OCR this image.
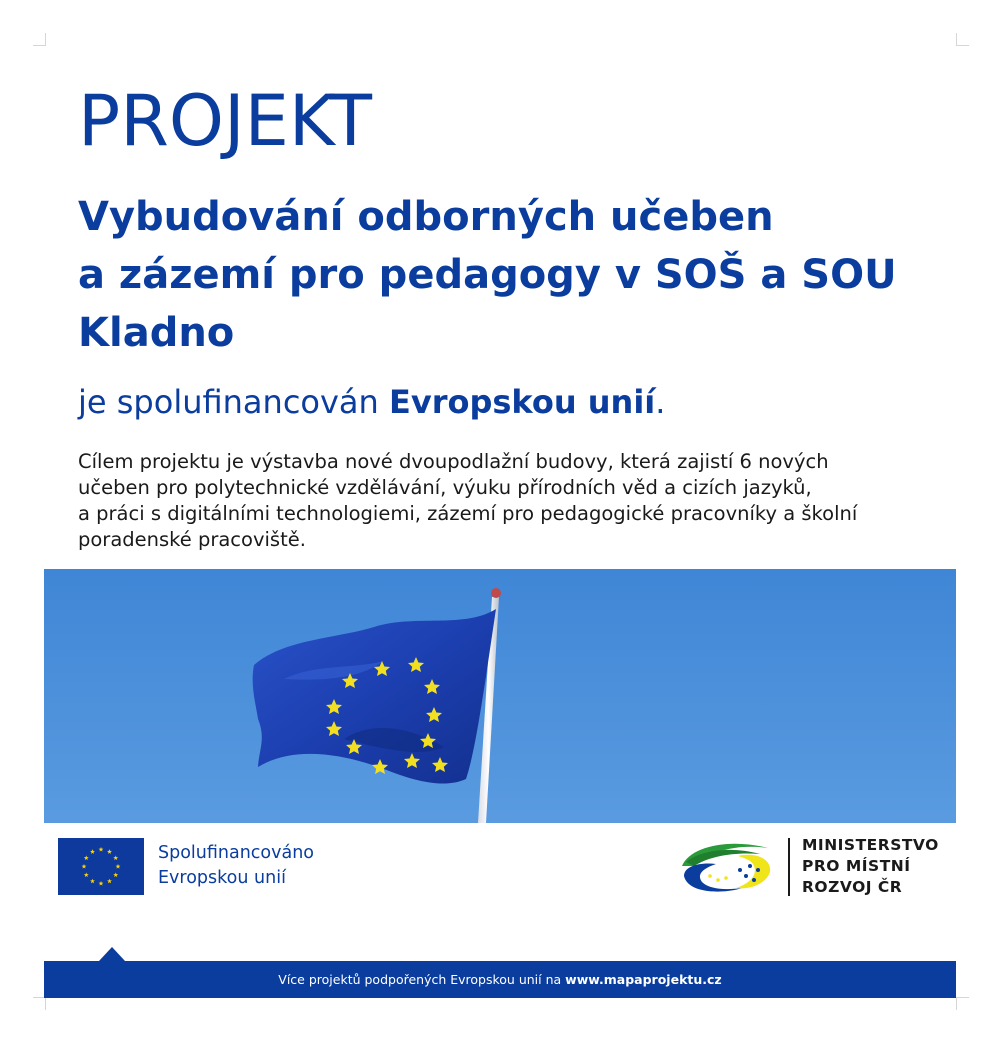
PROJEKT
Vybudování odborných učeben
a zázemí pro pedagogy v SOŠ a SOU
Kladno

je spolufinancován Evropskou unií.

Cílem projektu je výstavba nové dvoupodlažní budovy, která zajistí 6 nových
učeben pro polytechnické vzdělávání, výuku přírodních věd a cizích jazyků,
a práci s digitálními technologiemi, zázemí pro pedagogické pracovníky a školní
poradenské pracoviště.

Spolufinancováno
Evropskou unií
MINISTERSTVO
PRO MÍSTNÍ
ROZVOJ ČR
Více projektů podpořených Evropskou unií na www.mapaprojektu.cz
